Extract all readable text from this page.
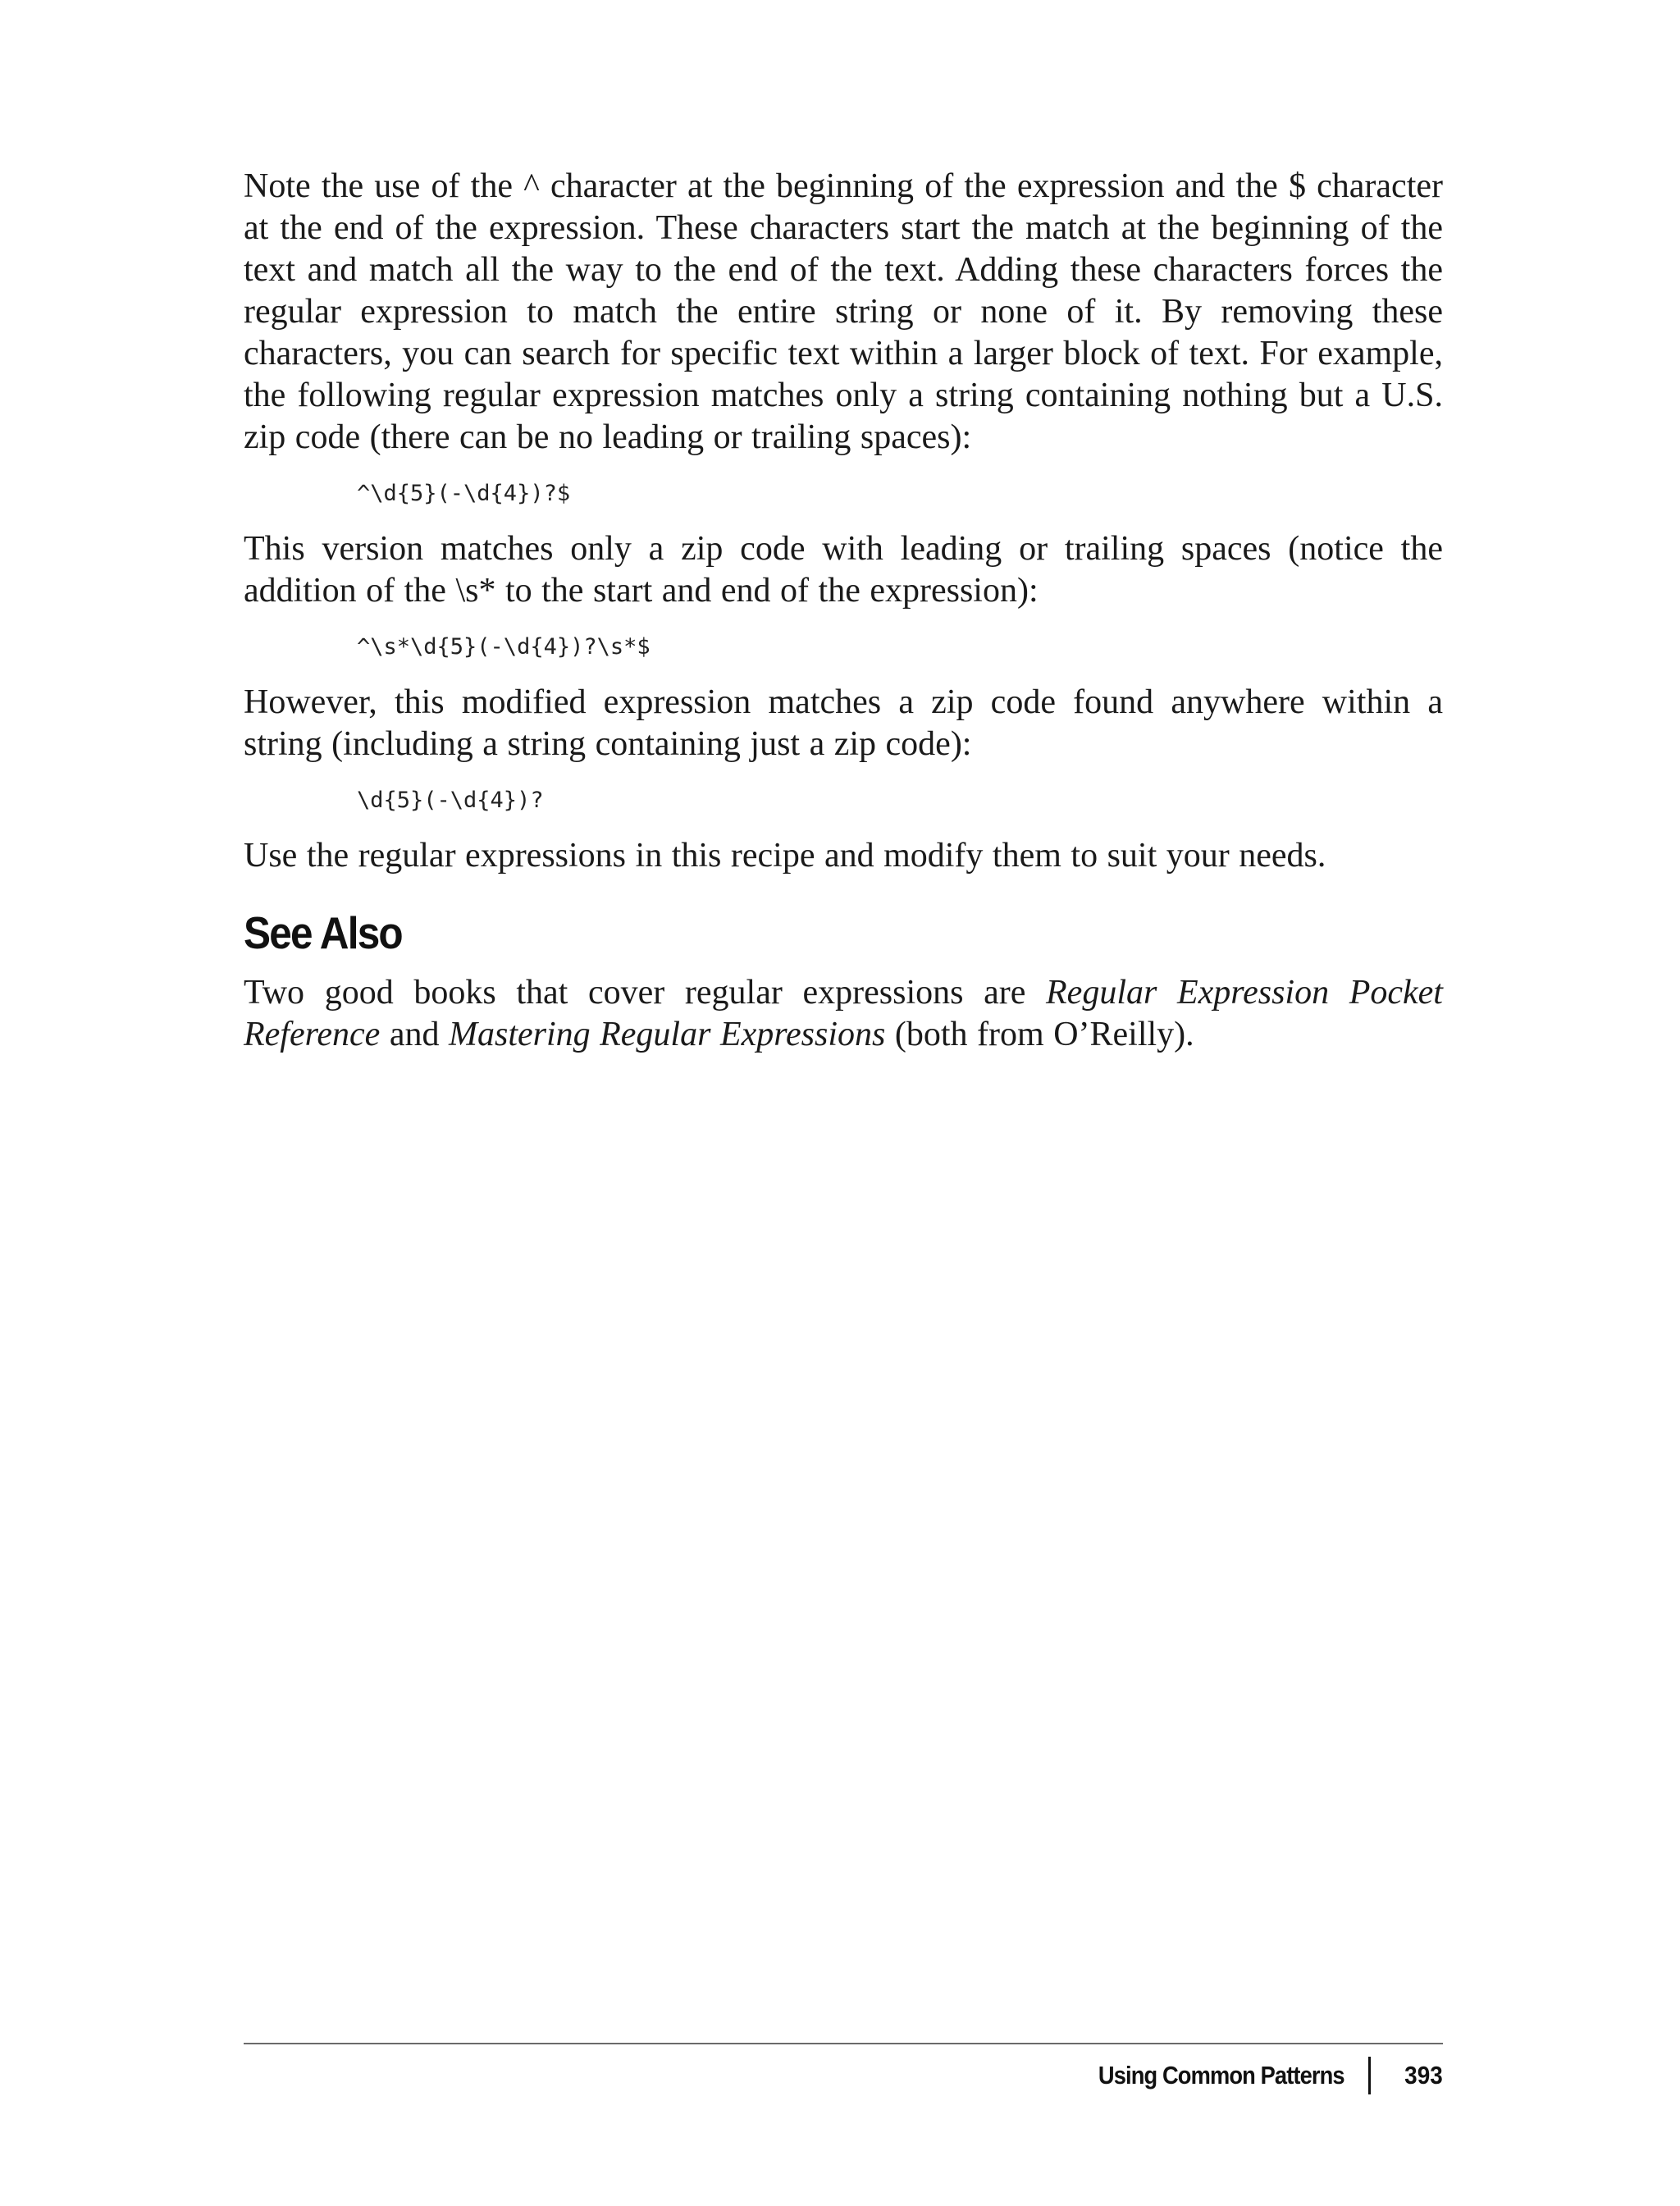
Note the use of the ^ character at the beginning of the expression and the $ character at the end of the expression. These characters start the match at the beginning of the text and match all the way to the end of the text. Adding these characters forces the regular expression to match the entire string or none of it. By removing these characters, you can search for specific text within a larger block of text. For example, the following regular expression matches only a string containing nothing but a U.S. zip code (there can be no leading or trailing spaces):

^\d{5}(-\d{4})?$

This version matches only a zip code with leading or trailing spaces (notice the addition of the \s* to the start and end of the expression):

^\s*\d{5}(-\d{4})?\s*$

However, this modified expression matches a zip code found anywhere within a string (including a string containing just a zip code):

\d{5}(-\d{4})?

Use the regular expressions in this recipe and modify them to suit your needs.

See Also

Two good books that cover regular expressions are Regular Expression Pocket Reference and Mastering Regular Expressions (both from O’Reilly).

Using Common Patterns 393
